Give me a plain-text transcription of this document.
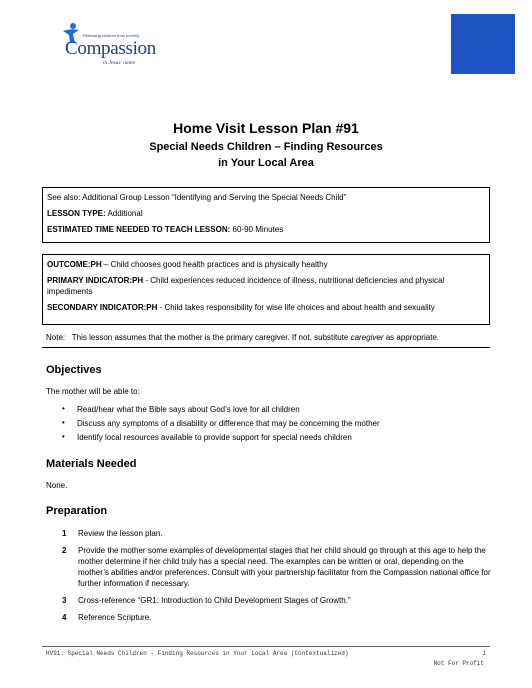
Releasing children from poverty
Compassion
in Jesus' name
Home Visit Lesson Plan #91
Special Needs Children – Finding Resources
in Your Local Area

See also: Additional Group Lesson “Identifying and Serving the Special Needs Child”

LESSON TYPE: Additional

ESTIMATED TIME NEEDED TO TEACH LESSON: 60-90 Minutes

OUTCOME:PH – Child chooses good health practices and is physically healthy

PRIMARY INDICATOR:PH - Child experiences reduced incidence of illness, nutritional deficiencies and physical impediments

SECONDARY INDICATOR:PH - Child takes responsibility for wise life choices and about health and sexuality

Note: This lesson assumes that the mother is the primary caregiver. If not, substitute caregiver as appropriate.
Objectives
The mother will be able to:
• Read/hear what the Bible says about God’s love for all children
• Discuss any symptoms of a disability or difference that may be concerning the mother
• Identify local resources available to provide support for special needs children
Materials Needed
None.
Preparation
1 Review the lesson plan.
2 Provide the mother some examples of developmental stages that her child should go through at this age to help the mother determine if her child truly has a special need. The examples can be written or oral, depending on the mother’s abilities and/or preferences. Consult with your partnership facilitator from the Compassion national office for further information if necessary.
3 Cross-reference “GR1: Introduction to Child Development Stages of Growth.”
4 Reference Scripture.
HV91: Special Needs Children - Finding Resources in Your Local Area (Contextualized)	1
Not For Profit
